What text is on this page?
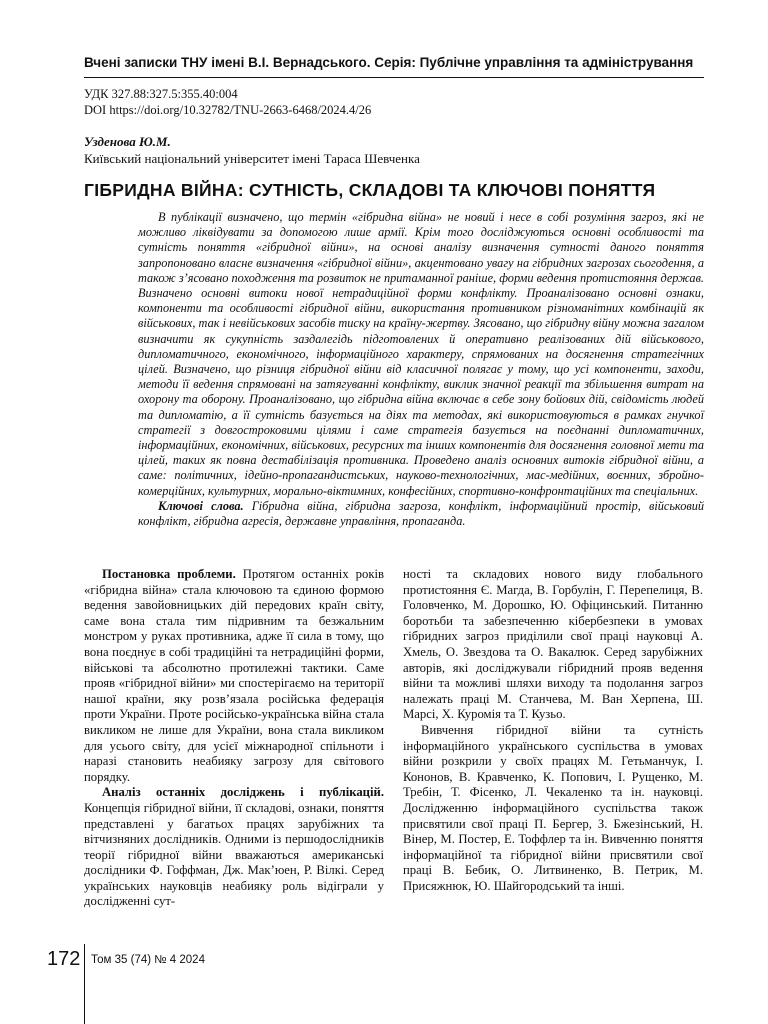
Вчені записки ТНУ імені В.І. Вернадського. Серія: Публічне управління та адміністрування
УДК 327.88:327.5:355.40:004
DOI https://doi.org/10.32782/TNU-2663-6468/2024.4/26
Узденова Ю.М.
Київський національний університет імені Тараса Шевченка
ГІБРИДНА ВІЙНА: СУТНІСТЬ, СКЛАДОВІ ТА КЛЮЧОВІ ПОНЯТТЯ

В публікації визначено, що термін «гібридна війна» не новий і несе в собі розуміння загроз, які не можливо ліквідувати за допомогою лише армії. Крім того досліджуються основні особливості та сутність поняття «гібридної війни», на основі аналізу визначення сутності даного поняття запропоновано власне визначення «гібридної війни», акцентовано увагу на гібридних загрозах сьогодення, а також з’ясовано походження та розвиток не притаманної раніше, форми ведення протистояння держав. Визначено основні витоки нової нетрадиційної форми конфлікту. Проаналізовано основні ознаки, компоненти та особливості гібридної війни, використання противником різноманітних комбінацій як військових, так і невійськових засобів тиску на країну-жертву. Зясовано, що гібридну війну можна загалом визначити як сукупність заздалегідь підготовлених й оперативно реалізованих дій військового, дипломатичного, економічного, інформаційного характеру, спрямованих на досягнення стратегічних цілей. Визначено, що різниця гібридної війни від класичної полягає у тому, що усі компоненти, заходи, методи її ведення спрямовані на затягуванні конфлікту, виклик значної реакції та збільшення витрат на охорону та оборону. Проаналізовано, що гібридна війна включає в себе зону бойових дій, свідомість людей та дипломатію, а її сутність базується на діях та методах, які використовуються в рамках гнучкої стратегії з довгостроковими цілями і саме стратегія базується на поєднанні дипломатичних, інформаційних, економічних, військових, ресурсних та інших компонентів для досягнення головної мети та цілей, таких як повна дестабілізація противника. Проведено аналіз основних витоків гібридної війни, а саме: політичних, ідейно-пропагандистських, науково-технологічних, мас-медійних, воєнних, збройно-комерційних, культурних, морально-віктимних, конфесійних, спортивно-конфронтаційних та спеціальних.

Ключові слова. Гібридна війна, гібридна загроза, конфлікт, інформаційний простір, військовий конфлікт, гібридна агресія, державне управління, пропаганда.

Постановка проблеми. Протягом останніх років «гібридна війна» стала ключовою та єдиною формою ведення завойовницьких дій передових країн світу, саме вона стала тим підривним та безжальним монстром у руках противника, адже її сила в тому, що вона поєднує в собі традиційні та нетрадиційні форми, військові та абсолютно протилежні тактики. Саме прояв «гібридної війни» ми спостерігаємо на території нашої країни, яку розв’язала російська федерація проти України. Проте російсько-українська війна стала викликом не лише для України, вона стала викликом для усього світу, для усієї міжнародної спільноти і наразі становить неабияку загрозу для світового порядку.

Аналіз останніх досліджень і публікацій. Концепція гібридної війни, її складові, ознаки, поняття представлені у багатьох працях зарубіжних та вітчизняних дослідників. Одними із першодослідників теорії гібридної війни вважаються американські дослідники Ф. Гоффман, Дж. Мак’юен, Р. Вілкі. Серед українських науковців неабияку роль відіграли у дослідженні сут-

ності та складових нового виду глобального протистояння Є. Магда, В. Горбулін, Г. Перепелиця, В. Головченко, М. Дорошко, Ю. Офіцинський. Питанню боротьби та забезпеченню кібербезпеки в умовах гібридних загроз приділили свої праці науковці А. Хмель, О. Звездова та О. Вакалюк. Серед зарубіжних авторів, які досліджували гібридний прояв ведення війни та можливі шляхи виходу та подолання загроз належать праці М. Станчева, М. Ван Херпена, Ш. Марсі, Х. Куромія та Т. Кузьо.

Вивчення гібридної війни та сутність інформаційного українського суспільства в умовах війни розкрили у своїх працях М. Гетьманчук, І. Кононов, В. Кравченко, К. Попович, І. Рущенко, М. Требін, Т. Фісенко, Л. Чекаленко та ін. науковці. Дослідженню інформаційного суспільства також присвятили свої праці П. Бергер, З. Бжезінський, Н. Вінер, М. Постер, Е. Тоффлер та ін. Вивченню поняття інформаційної та гібридної війни присвятили свої праці В. Бебик, О. Литвиненко, В. Петрик, М. Присяжнюк, Ю. Шайгородський та інші.

172 Том 35 (74) № 4 2024
